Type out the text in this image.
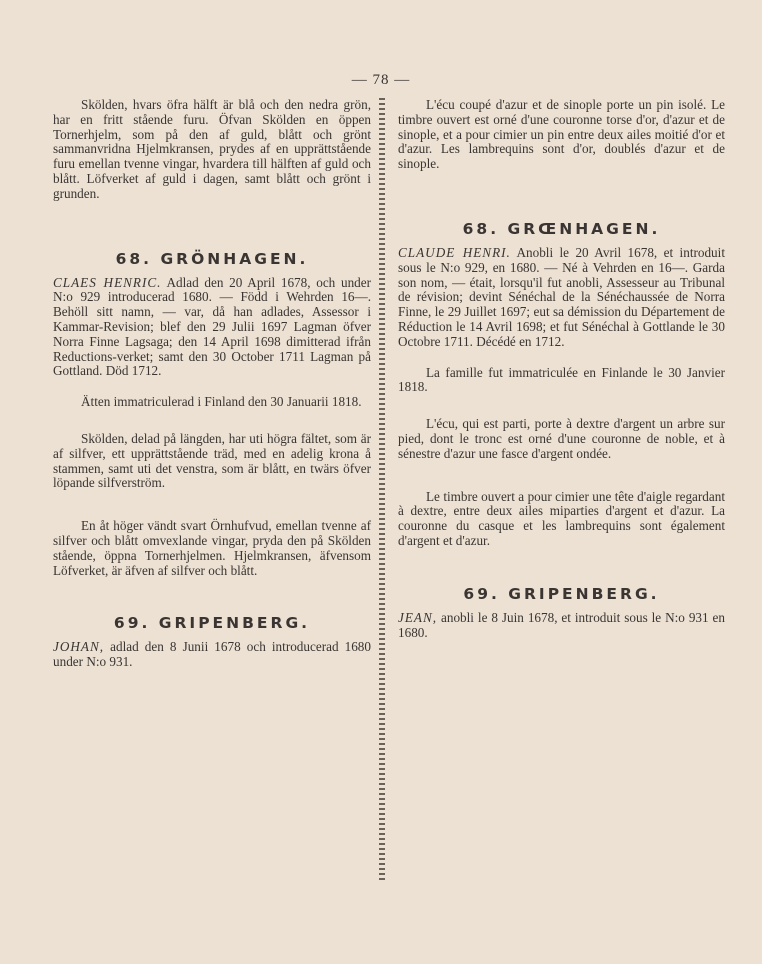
— 78 —

Skölden, hvars öfra hälft är blå och den nedra grön, har en fritt stående furu. Öfvan Skölden en öppen Tornerhjelm, som på den af guld, blått och grönt sammanvridna Hjelmkransen, prydes af en upprättstående furu emellan tvenne vingar, hvardera till hälften af guld och blått. Löfverket af guld i dagen, samt blått och grönt i grunden.

68. GRÖNHAGEN.

CLAES HENRIC. Adlad den 20 April 1678, och under N:o 929 introducerad 1680. — Född i Wehrden 16––. Behöll sitt namn, — var, då han adlades, Assessor i Kammar-Revision; blef den 29 Julii 1697 Lagman öfver Norra Finne Lagsaga; den 14 April 1698 dimitterad ifrån Reductions-verket; samt den 30 October 1711 Lagman på Gottland. Död 1712.

Ätten immatriculerad i Finland den 30 Januarii 1818.

Skölden, delad på längden, har uti högra fältet, som är af silfver, ett upprättstående träd, med en adelig krona å stammen, samt uti det venstra, som är blått, en twärs öfver löpande silfverström.

En åt höger vändt svart Örnhufvud, emellan tvenne af silfver och blått omvexlande vingar, pryda den på Skölden stående, öppna Tornerhjelmen. Hjelmkransen, äfvensom Löfverket, är äfven af silfver och blått.

69. GRIPENBERG.

JOHAN, adlad den 8 Junii 1678 och introducerad 1680 under N:o 931.

L'écu coupé d'azur et de sinople porte un pin isolé. Le timbre ouvert est orné d'une couronne torse d'or, d'azur et de sinople, et a pour cimier un pin entre deux ailes moitié d'or et d'azur. Les lambrequins sont d'or, doublés d'azur et de sinople.

68. GRŒNHAGEN.

CLAUDE HENRI. Anobli le 20 Avril 1678, et introduit sous le N:o 929, en 1680. — Né à Vehrden en 16––. Garda son nom, — était, lorsqu'il fut anobli, Assesseur au Tribunal de révision; devint Sénéchal de la Sénéchaussée de Norra Finne, le 29 Juillet 1697; eut sa démission du Département de Réduction le 14 Avril 1698; et fut Sénéchal à Gottlande le 30 Octobre 1711. Décédé en 1712.

La famille fut immatriculée en Finlande le 30 Janvier 1818.

L'écu, qui est parti, porte à dextre d'argent un arbre sur pied, dont le tronc est orné d'une couronne de noble, et à sénestre d'azur une fasce d'argent ondée.

Le timbre ouvert a pour cimier une tête d'aigle regardant à dextre, entre deux ailes miparties d'argent et d'azur. La couronne du casque et les lambrequins sont également d'argent et d'azur.

69. GRIPENBERG.

JEAN, anobli le 8 Juin 1678, et introduit sous le N:o 931 en 1680.
